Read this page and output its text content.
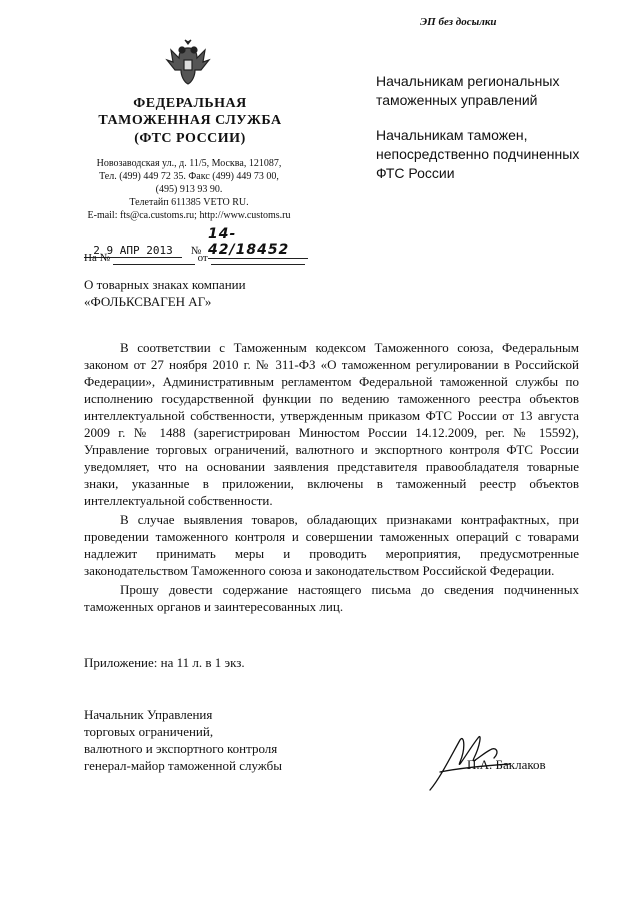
ФЕДЕРАЛЬНАЯ
ТАМОЖЕННАЯ СЛУЖБА
(ФТС РОССИИ)
Новозаводская ул., д. 11/5, Москва, 121087,
Тел. (499) 449 72 35. Факс (499) 449 73 00,
(495) 913 93 90.
Телетайп 611385 VETO RU.
E-mail: fts@ca.customs.ru; http://www.customs.ru
2 9 АПР 2013 № 14-42/18452
На №	от
ЭП без досылки
Начальникам региональных
таможенных управлений
Начальникам таможен,
непосредственно подчиненных
ФТС России
О товарных знаках компании
«ФОЛЬКСВАГЕН АГ»

В соответствии с Таможенным кодексом Таможенного союза, Федеральным законом от 27 ноября 2010 г. № 311-ФЗ «О таможенном регулировании в Российской Федерации», Административным регламентом Федеральной таможенной службы по исполнению государственной функции по ведению таможенного реестра объектов интеллектуальной собственности, утвержденным приказом ФТС России от 13 августа 2009 г. № 1488 (зарегистрирован Минюстом России 14.12.2009, рег. № 15592), Управление торговых ограничений, валютного и экспортного контроля ФТС России уведомляет, что на основании заявления представителя правообладателя товарные знаки, указанные в приложении, включены в таможенный реестр объектов интеллектуальной собственности.

В случае выявления товаров, обладающих признаками контрафактных, при проведении таможенного контроля и совершении таможенных операций с товарами надлежит принимать меры и проводить мероприятия, предусмотренные законодательством Таможенного союза и законодательством Российской Федерации.

Прошу довести содержание настоящего письма до сведения подчиненных таможенных органов и заинтересованных лиц.

Приложение: на 11 л. в 1 экз.
Начальник Управления
торговых ограничений,
валютного и экспортного контроля
генерал-майор таможенной службы	П.А. Баклаков
